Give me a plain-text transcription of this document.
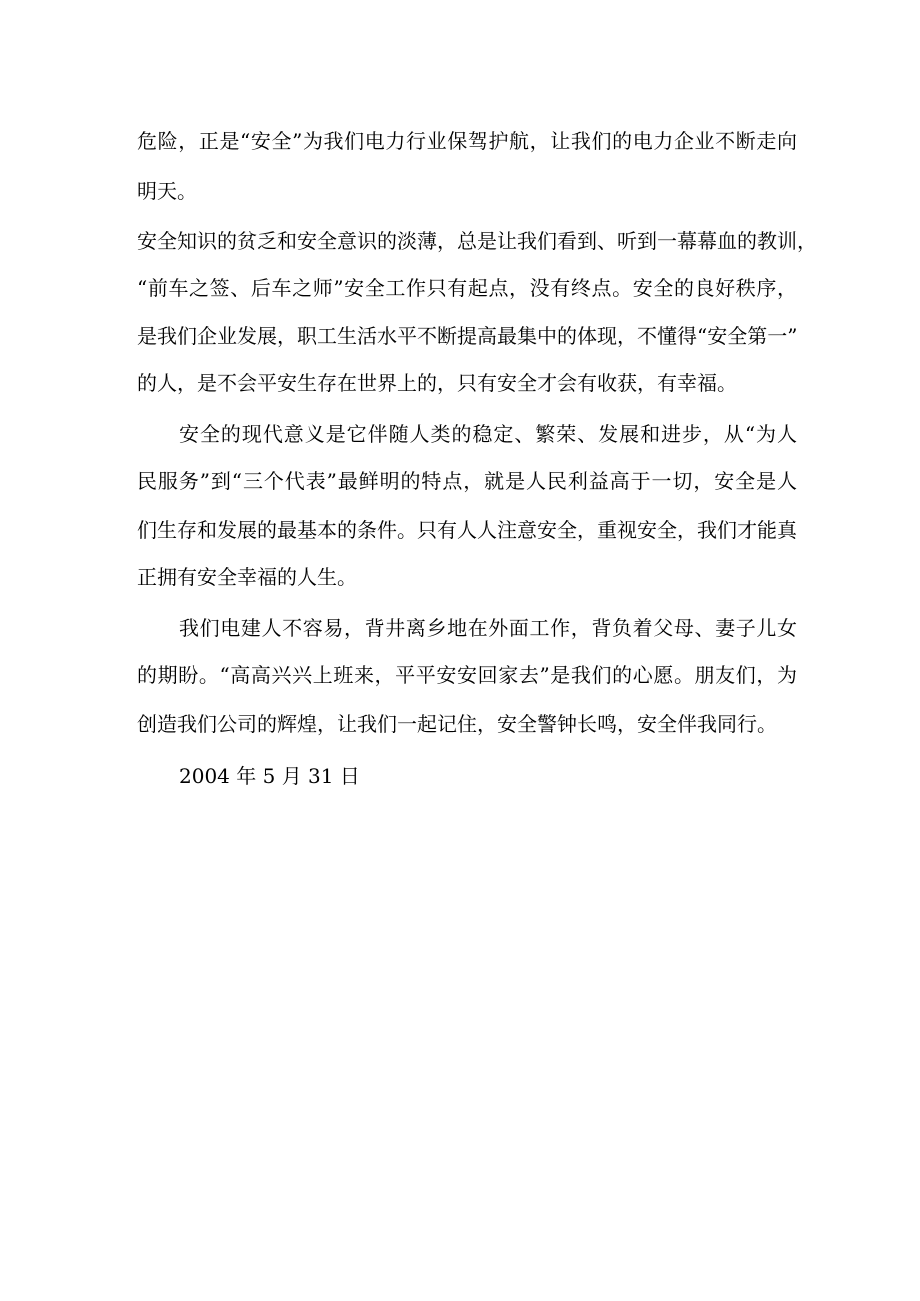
危险，正是“安全”为我们电力行业保驾护航，让我们的电力企业不断走向
明天。
安全知识的贫乏和安全意识的淡薄，总是让我们看到、听到一幕幕血的教训，
“前车之签、后车之师”安全工作只有起点，没有终点。安全的良好秩序，
是我们企业发展，职工生活水平不断提高最集中的体现，不懂得“安全第一”
的人，是不会平安生存在世界上的，只有安全才会有收获，有幸福。
安全的现代意义是它伴随人类的稳定、繁荣、发展和进步，从“为人
民服务”到“三个代表”最鲜明的特点，就是人民利益高于一切，安全是人
们生存和发展的最基本的条件。只有人人注意安全，重视安全，我们才能真
正拥有安全幸福的人生。
我们电建人不容易，背井离乡地在外面工作，背负着父母、妻子儿女
的期盼。“高高兴兴上班来，平平安安回家去”是我们的心愿。朋友们，为
创造我们公司的辉煌，让我们一起记住，安全警钟长鸣，安全伴我同行。
2004 年 5 月 31 日
